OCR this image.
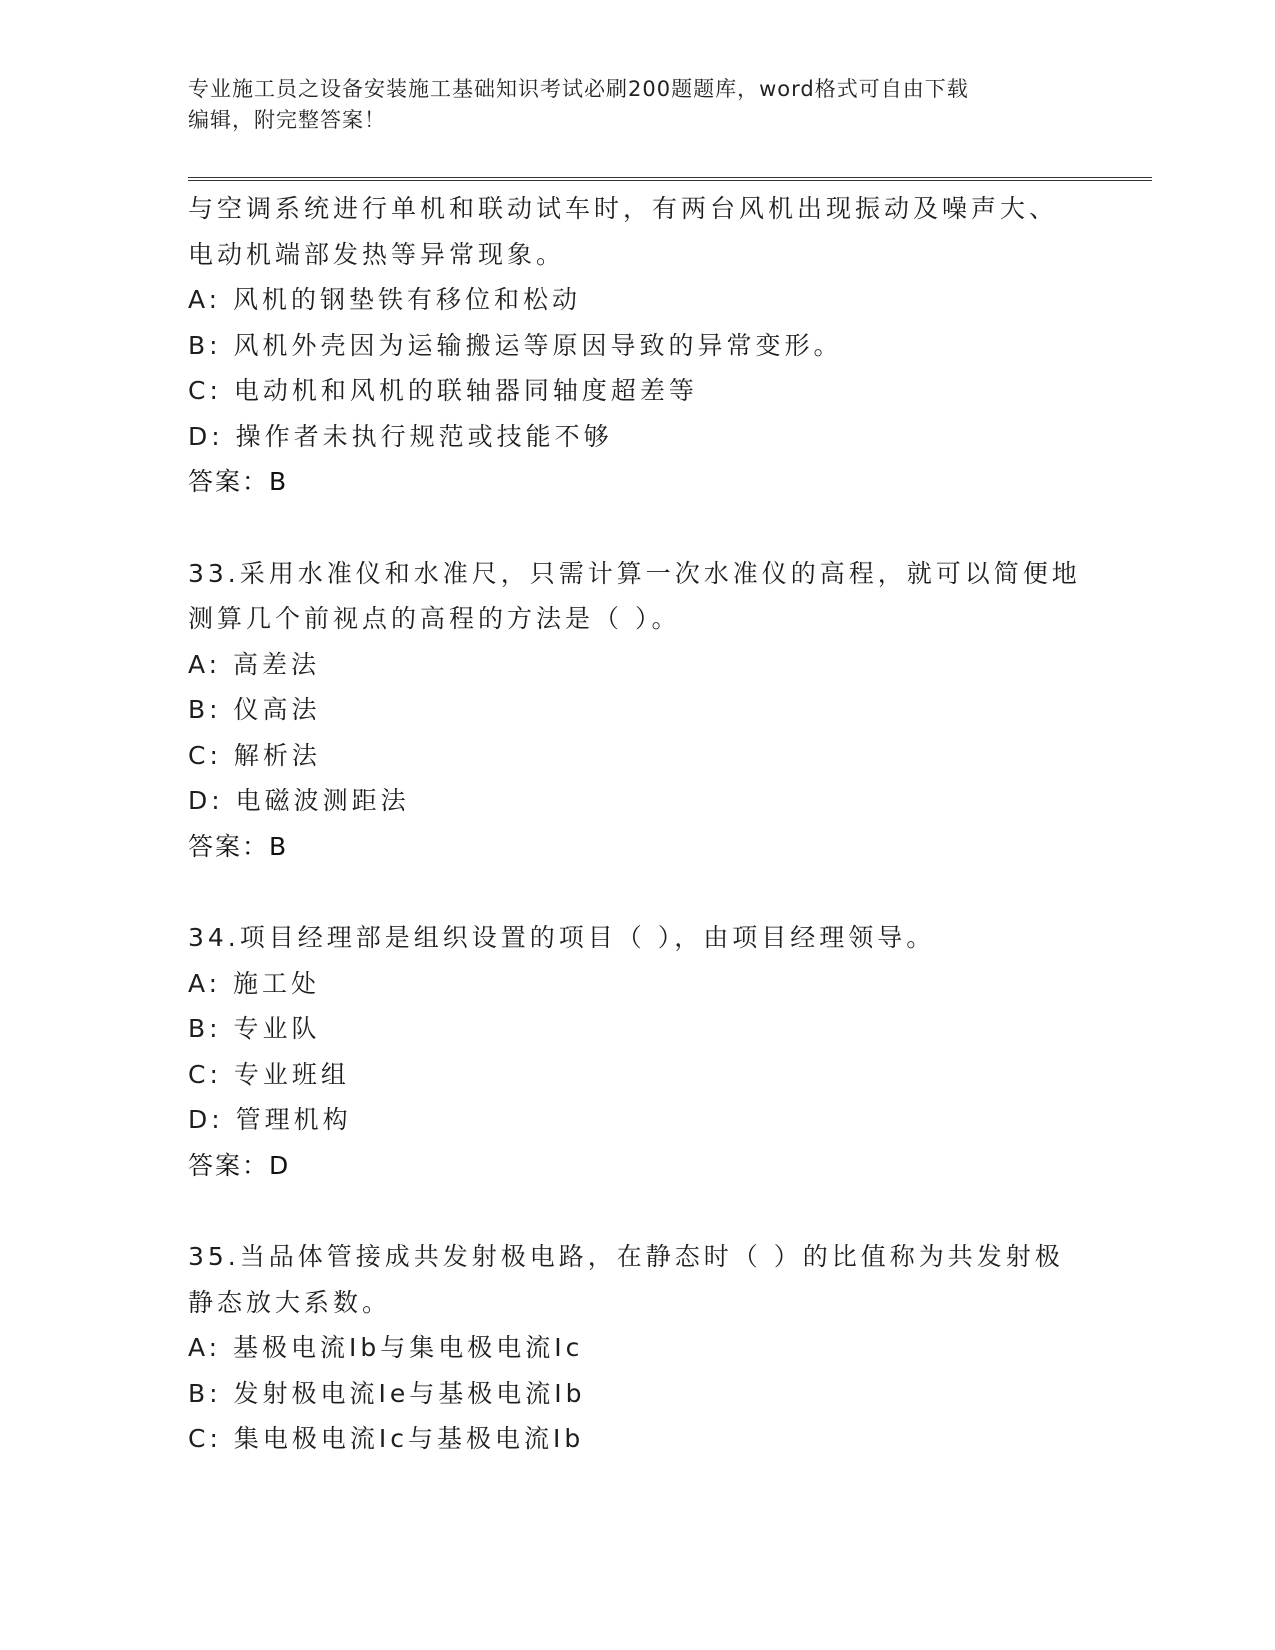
专业施工员之设备安装施工基础知识考试必刷200题题库，word格式可自由下载
编辑，附完整答案！
与空调系统进行单机和联动试车时，有两台风机出现振动及噪声大、
电动机端部发热等异常现象。
A: 风机的钢垫铁有移位和松动
B: 风机外壳因为运输搬运等原因导致的异常变形。
C: 电动机和风机的联轴器同轴度超差等
D: 操作者未执行规范或技能不够
答案：B
33.采用水准仪和水准尺，只需计算一次水准仪的高程，就可以简便地
测算几个前视点的高程的方法是（ ）。
A: 高差法
B: 仪高法
C: 解析法
D: 电磁波测距法
答案：B
34.项目经理部是组织设置的项目（ ），由项目经理领导。
A: 施工处
B: 专业队
C: 专业班组
D: 管理机构
答案：D
35.当品体管接成共发射极电路，在静态时（ ）的比值称为共发射极
静态放大系数。
A: 基极电流Ib与集电极电流Ic
B: 发射极电流Ie与基极电流Ib
C: 集电极电流Ic与基极电流Ib
